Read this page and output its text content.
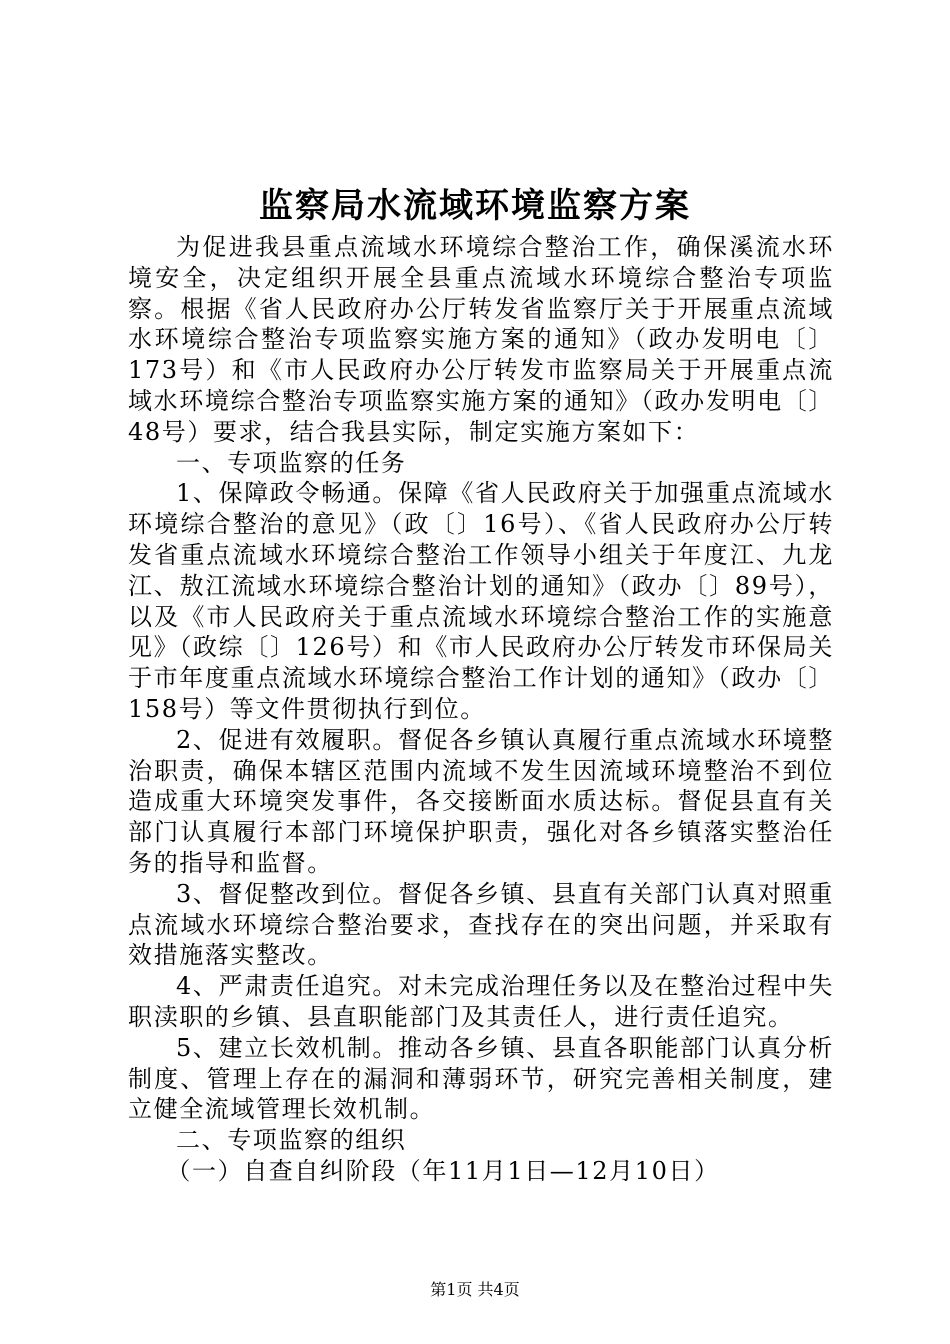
监察局水流域环境监察方案

为促进我县重点流域水环境综合整治工作，确保溪流水环境安全，决定组织开展全县重点流域水环境综合整治专项监察。根据《省人民政府办公厅转发省监察厅关于开展重点流域水环境综合整治专项监察实施方案的通知》（政办发明电〔〕173号）和《市人民政府办公厅转发市监察局关于开展重点流域水环境综合整治专项监察实施方案的通知》（政办发明电〔〕48号）要求，结合我县实际，制定实施方案如下：

一、专项监察的任务

1、保障政令畅通。保障《省人民政府关于加强重点流域水环境综合整治的意见》（政〔〕16号）、《省人民政府办公厅转发省重点流域水环境综合整治工作领导小组关于年度江、九龙江、敖江流域水环境综合整治计划的通知》（政办〔〕89号），以及《市人民政府关于重点流域水环境综合整治工作的实施意见》（政综〔〕126号）和《市人民政府办公厅转发市环保局关于市年度重点流域水环境综合整治工作计划的通知》（政办〔〕158号）等文件贯彻执行到位。

2、促进有效履职。督促各乡镇认真履行重点流域水环境整治职责，确保本辖区范围内流域不发生因流域环境整治不到位造成重大环境突发事件，各交接断面水质达标。督促县直有关部门认真履行本部门环境保护职责，强化对各乡镇落实整治任务的指导和监督。

3、督促整改到位。督促各乡镇、县直有关部门认真对照重点流域水环境综合整治要求，查找存在的突出问题，并采取有效措施落实整改。

4、严肃责任追究。对未完成治理任务以及在整治过程中失职渎职的乡镇、县直职能部门及其责任人，进行责任追究。

5、建立长效机制。推动各乡镇、县直各职能部门认真分析制度、管理上存在的漏洞和薄弱环节，研究完善相关制度，建立健全流域管理长效机制。

二、专项监察的组织

（一）自查自纠阶段（年11月1日—12月10日）

第1页 共4页
